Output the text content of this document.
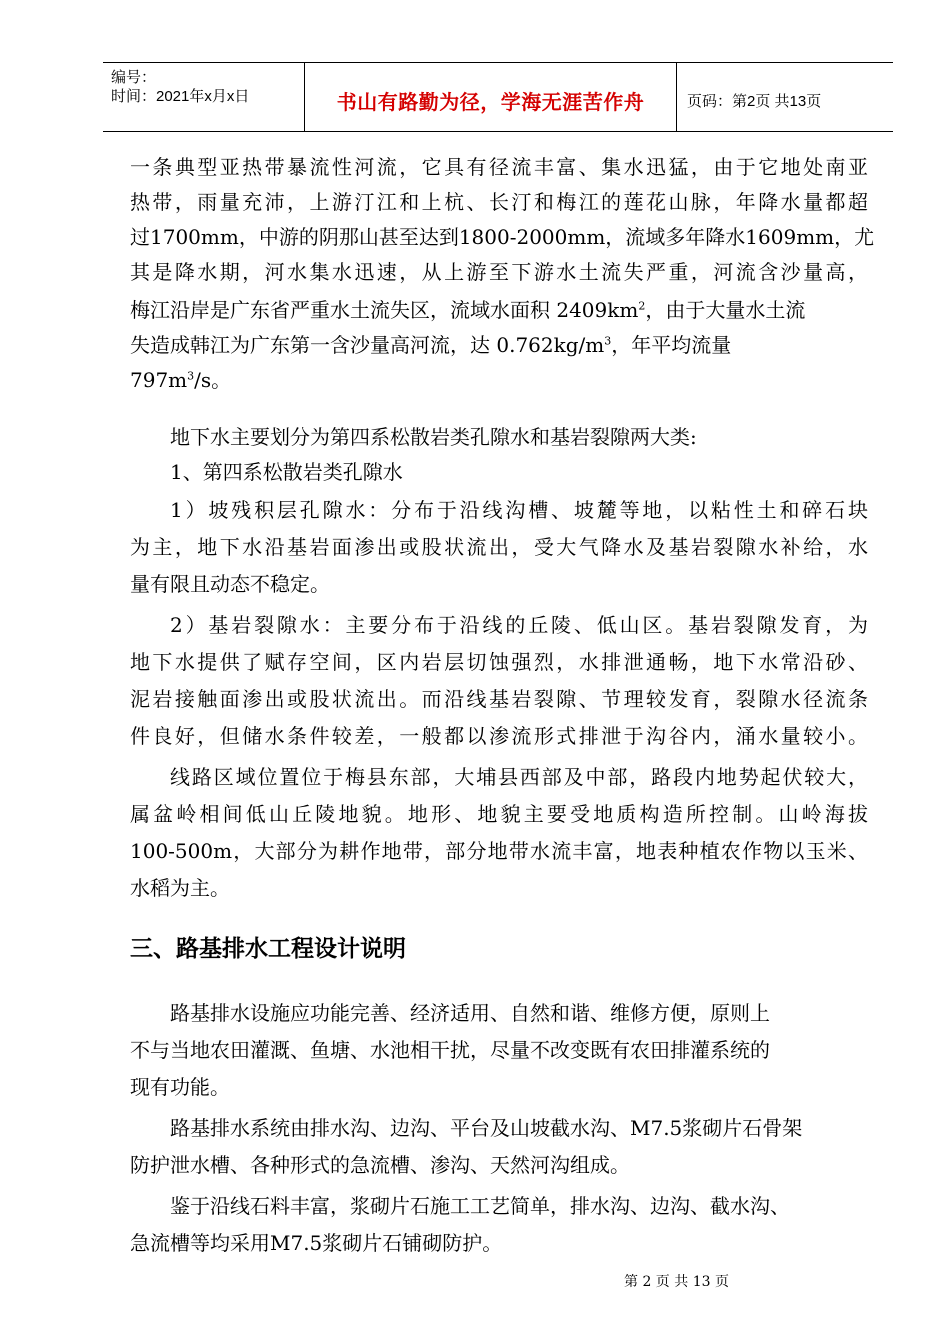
编号：
时间：2021年x月x日	书山有路勤为径，学海无涯苦作舟	页码：第2页 共13页
一条典型亚热带暴流性河流，它具有径流丰富、集水迅猛，由于它地处南亚
热带，雨量充沛，上游汀江和上杭、长汀和梅江的莲花山脉，年降水量都超
过1700mm，中游的阴那山甚至达到1800-2000mm，流域多年降水1609mm，尤
其是降水期，河水集水迅速，从上游至下游水土流失严重，河流含沙量高，
梅江沿岸是广东省严重水土流失区，流域水面积 $2409km^2$，由于大量水土流
失造成韩江为广东第一含沙量高河流，达 $0.762kg/m^3$，年平均流量
$797m^3/s$。
地下水主要划分为第四系松散岩类孔隙水和基岩裂隙两大类:
1、第四系松散岩类孔隙水
1）坡残积层孔隙水：分布于沿线沟槽、坡麓等地，以粘性土和碎石块
为主，地下水沿基岩面渗出或股状流出，受大气降水及基岩裂隙水补给，水
量有限且动态不稳定。
2）基岩裂隙水：主要分布于沿线的丘陵、低山区。基岩裂隙发育，为
地下水提供了赋存空间，区内岩层切蚀强烈，水排泄通畅，地下水常沿砂、
泥岩接触面渗出或股状流出。而沿线基岩裂隙、节理较发育，裂隙水径流条
件良好，但储水条件较差，一般都以渗流形式排泄于沟谷内，涌水量较小。
线路区域位置位于梅县东部，大埔县西部及中部，路段内地势起伏较大，
属盆岭相间低山丘陵地貌。地形、地貌主要受地质构造所控制。山岭海拔
100-500m，大部分为耕作地带，部分地带水流丰富，地表种植农作物以玉米、
水稻为主。
三、路基排水工程设计说明
路基排水设施应功能完善、经济适用、自然和谐、维修方便，原则上
不与当地农田灌溉、鱼塘、水池相干扰，尽量不改变既有农田排灌系统的
现有功能。
路基排水系统由排水沟、边沟、平台及山坡截水沟、M7.5浆砌片石骨架
防护泄水槽、各种形式的急流槽、渗沟、天然河沟组成。
鉴于沿线石料丰富，浆砌片石施工工艺简单，排水沟、边沟、截水沟、
急流槽等均采用M7.5浆砌片石铺砌防护。
第 2 页 共 13 页
